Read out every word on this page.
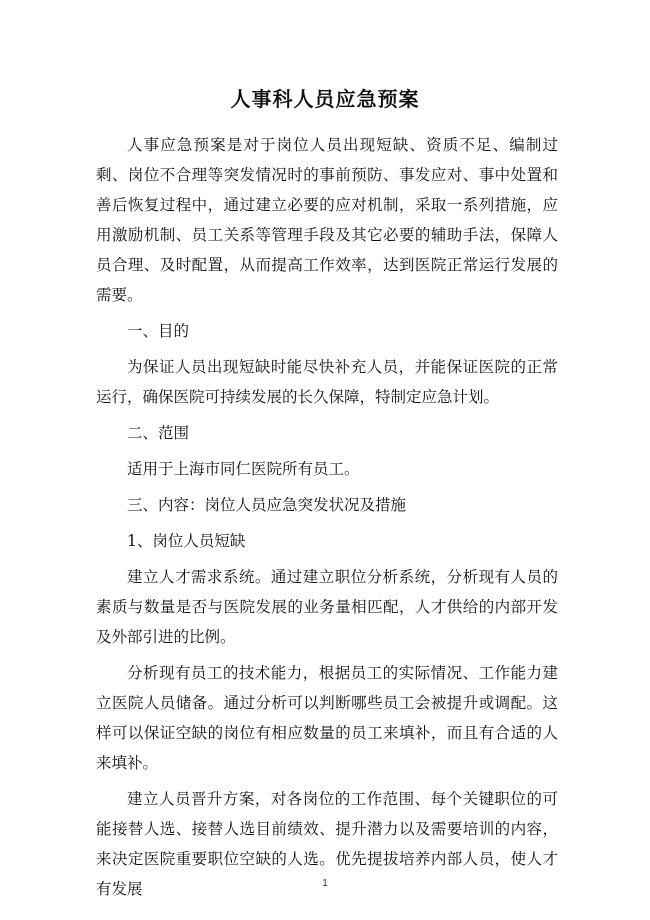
人事科人员应急预案

人事应急预案是对于岗位人员出现短缺、资质不足、编制过剩、岗位不合理等突发情况时的事前预防、事发应对、事中处置和善后恢复过程中，通过建立必要的应对机制，采取一系列措施，应用激励机制、员工关系等管理手段及其它必要的辅助手法，保障人员合理、及时配置，从而提高工作效率，达到医院正常运行发展的需要。

一、目的

为保证人员出现短缺时能尽快补充人员，并能保证医院的正常运行，确保医院可持续发展的长久保障，特制定应急计划。

二、范围

适用于上海市同仁医院所有员工。

三、内容：岗位人员应急突发状况及措施

1、岗位人员短缺

建立人才需求系统。通过建立职位分析系统，分析现有人员的素质与数量是否与医院发展的业务量相匹配，人才供给的内部开发及外部引进的比例。

分析现有员工的技术能力，根据员工的实际情况、工作能力建立医院人员储备。通过分析可以判断哪些员工会被提升或调配。这样可以保证空缺的岗位有相应数量的员工来填补，而且有合适的人来填补。

建立人员晋升方案，对各岗位的工作范围、每个关键职位的可能接替人选、接替人选目前绩效、提升潜力以及需要培训的内容，来决定医院重要职位空缺的人选。优先提拔培养内部人员，使人才有发展	1
